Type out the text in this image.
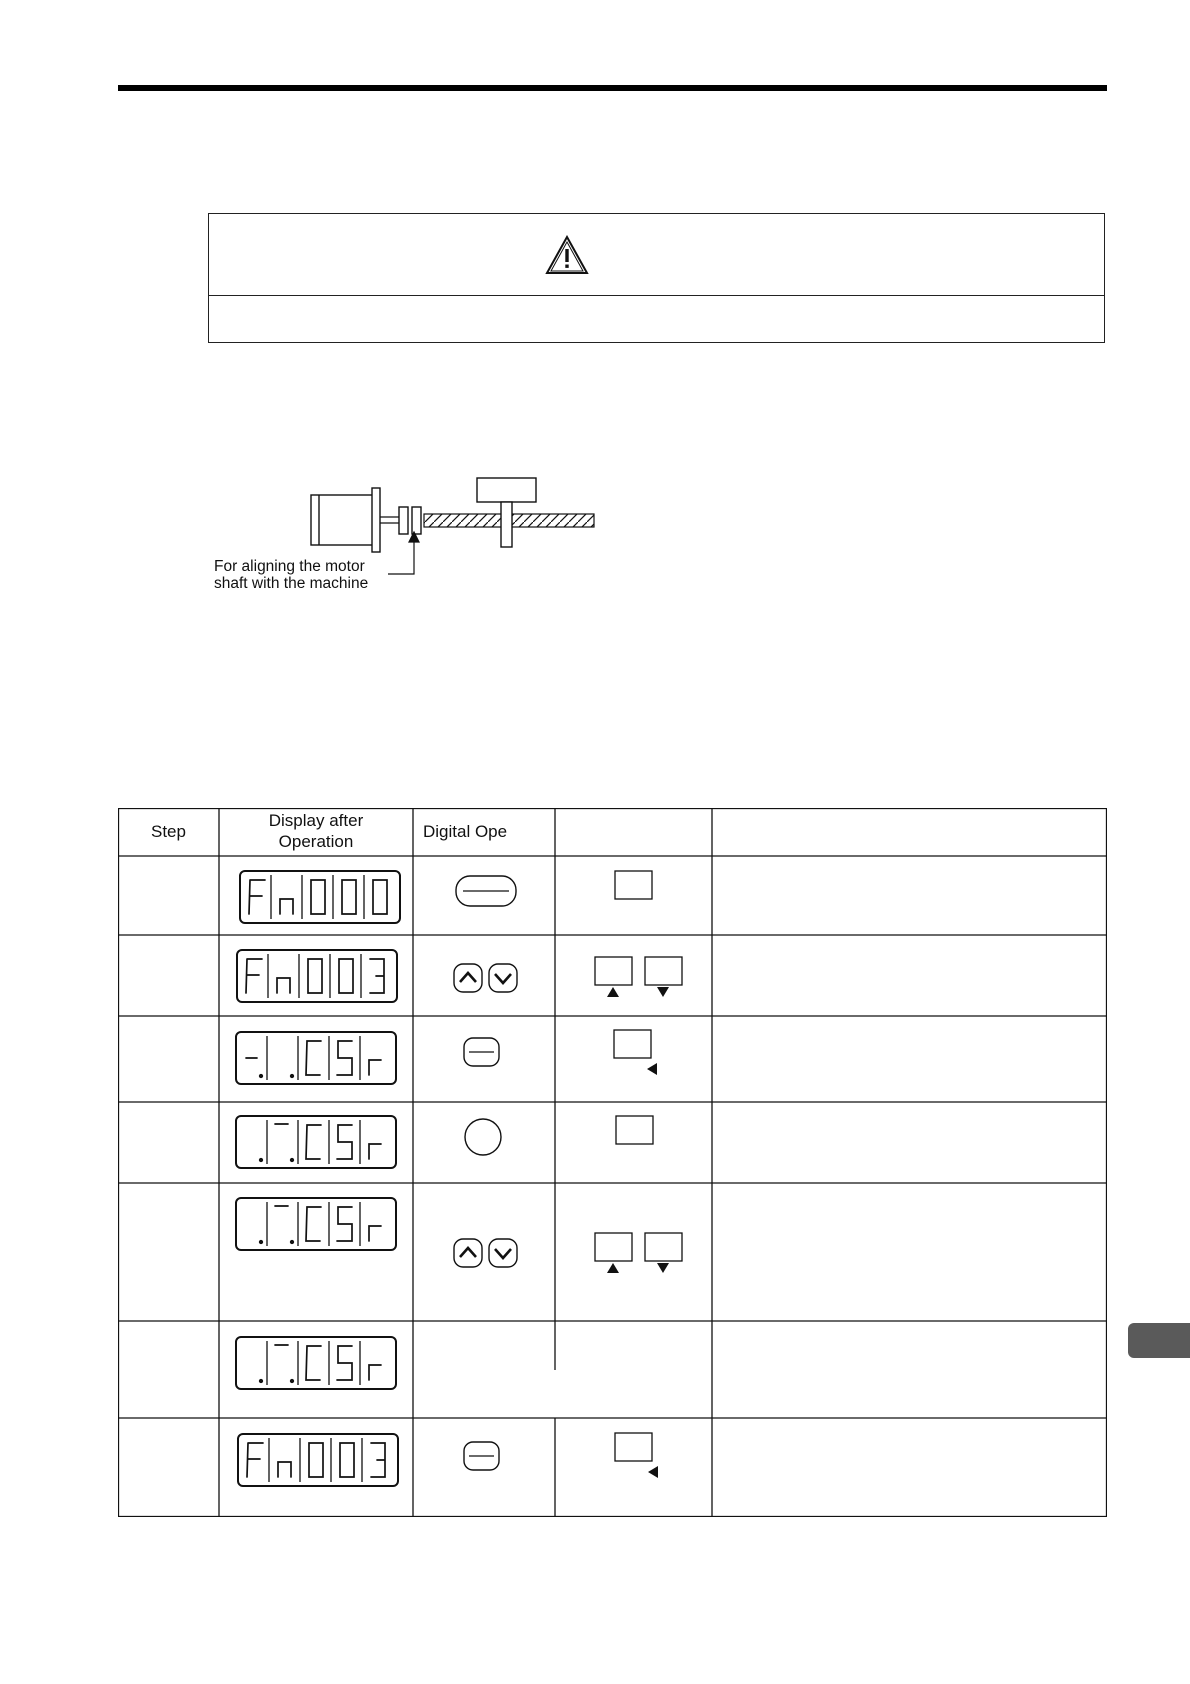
For aligning the motor
shaft with the machine
Step
Display after
Operation
Digital Ope
